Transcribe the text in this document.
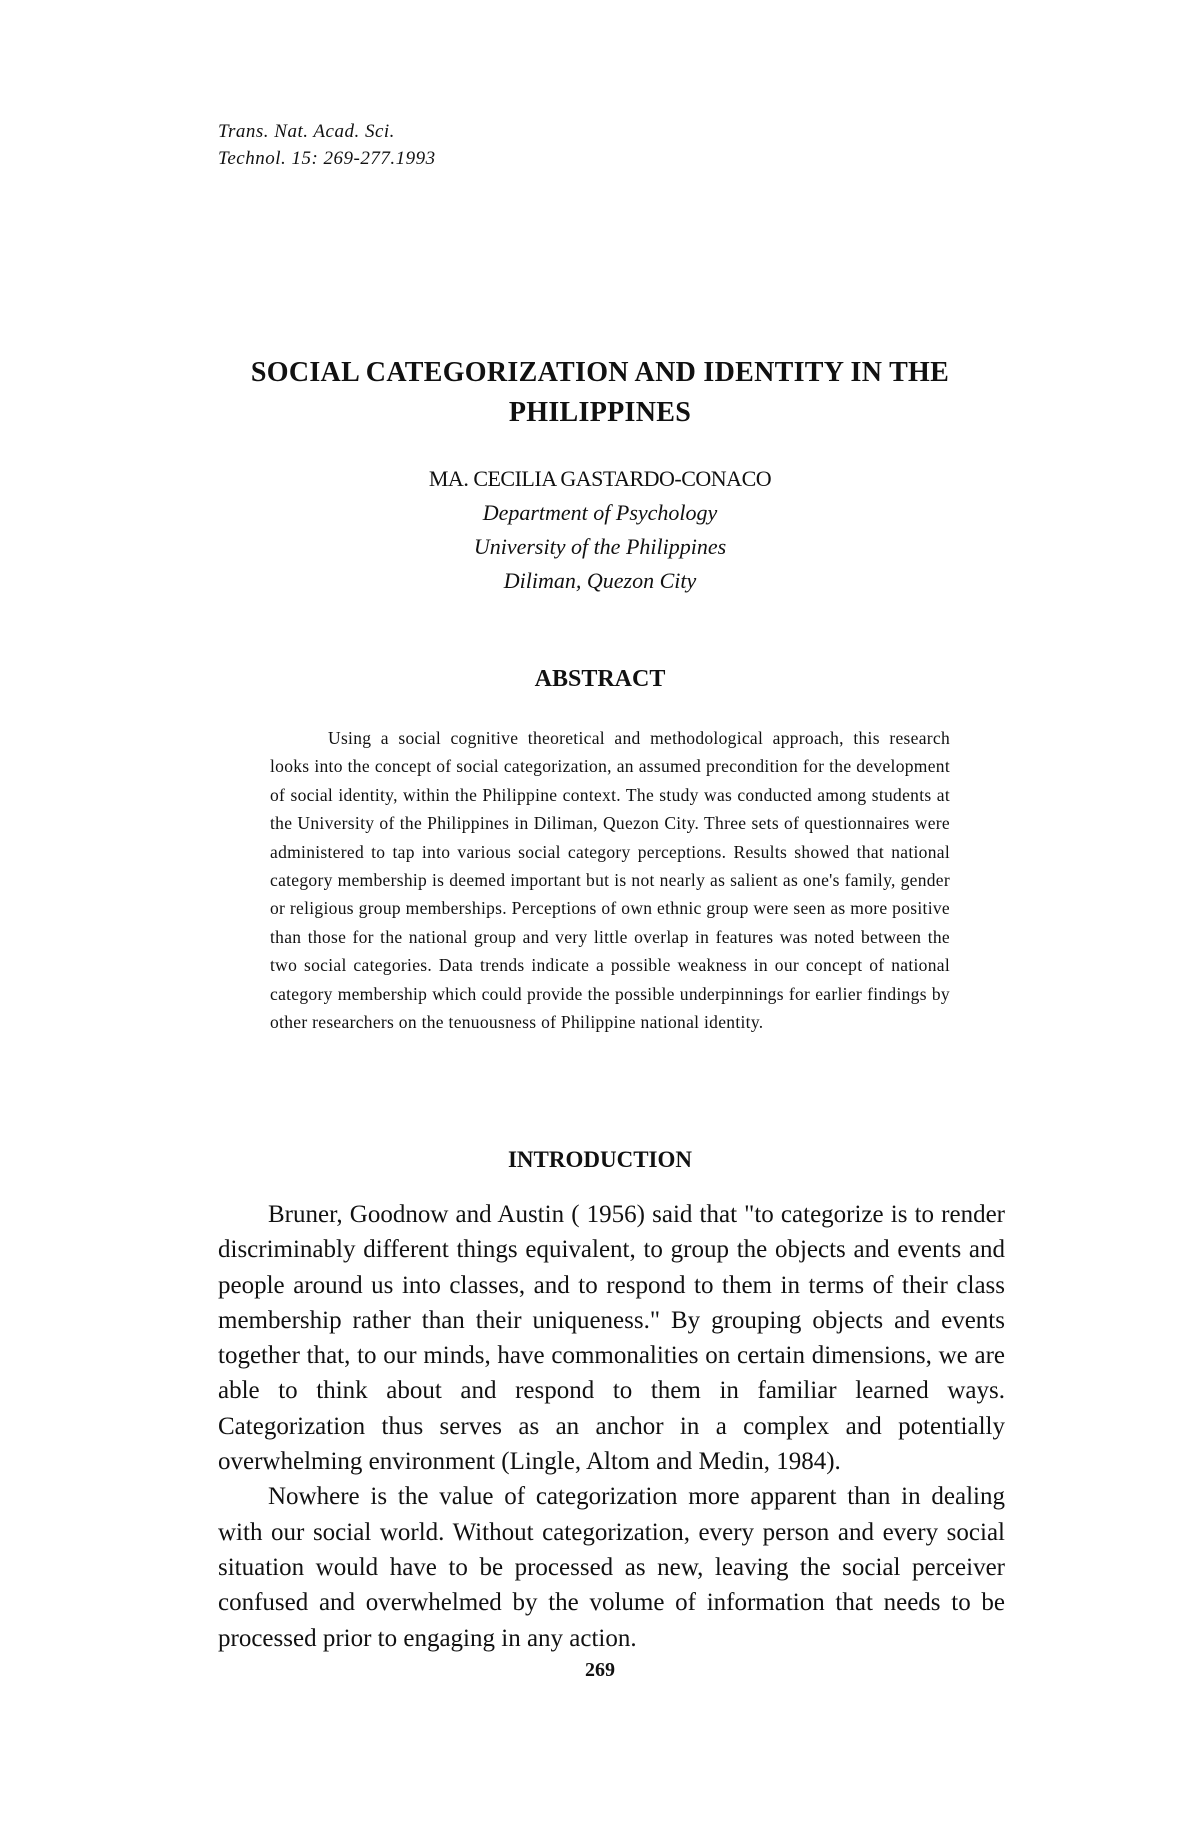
Trans. Nat. Acad. Sci.
Technol. 15: 269-277.1993
SOCIAL CATEGORIZATION AND IDENTITY IN THE PHILIPPINES
MA. CECILIA GASTARDO-CONACO
Department of Psychology
University of the Philippines
Diliman, Quezon City
ABSTRACT
Using a social cognitive theoretical and methodological approach, this research looks into the concept of social categorization, an assumed precondition for the development of social identity, within the Philippine context. The study was conducted among students at the University of the Philippines in Diliman, Quezon City. Three sets of questionnaires were administered to tap into various social category perceptions. Results showed that national category membership is deemed important but is not nearly as salient as one's family, gender or religious group memberships. Perceptions of own ethnic group were seen as more positive than those for the national group and very little overlap in features was noted between the two social categories. Data trends indicate a possible weakness in our concept of national category membership which could provide the possible underpinnings for earlier findings by other researchers on the tenuousness of Philippine national identity.
INTRODUCTION

Bruner, Goodnow and Austin ( 1956) said that "to categorize is to render discriminably different things equivalent, to group the objects and events and people around us into classes, and to respond to them in terms of their class membership rather than their uniqueness." By grouping objects and events together that, to our minds, have commonalities on certain dimensions, we are able to think about and respond to them in familiar learned ways. Categorization thus serves as an anchor in a complex and potentially overwhelming environment (Lingle, Altom and Medin, 1984).

Nowhere is the value of categorization more apparent than in dealing with our social world. Without categorization, every person and every social situation would have to be processed as new, leaving the social perceiver confused and overwhelmed by the volume of information that needs to be processed prior to engaging in any action.

269
